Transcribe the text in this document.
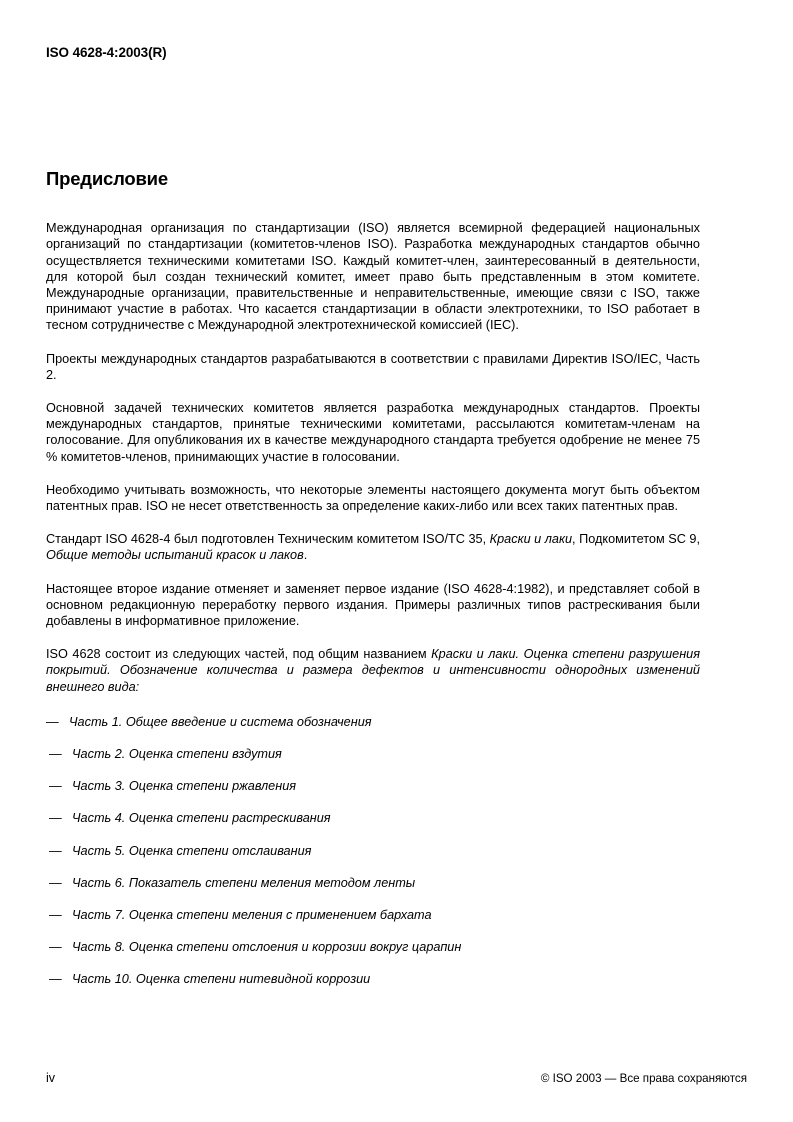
ISO 4628-4:2003(R)
Предисловие

Международная организация по стандартизации (ISO) является всемирной федерацией национальных организаций по стандартизации (комитетов-членов ISO). Разработка международных стандартов обычно осуществляется техническими комитетами ISO. Каждый комитет-член, заинтересованный в деятельности, для которой был создан технический комитет, имеет право быть представленным в этом комитете. Международные организации, правительственные и неправительственные, имеющие связи с ISO, также принимают участие в работах. Что касается стандартизации в области электротехники, то ISO работает в тесном сотрудничестве с Международной электротехнической комиссией (IEC).

Проекты международных стандартов разрабатываются в соответствии с правилами Директив ISO/IEC, Часть 2.

Основной задачей технических комитетов является разработка международных стандартов. Проекты международных стандартов, принятые техническими комитетами, рассылаются комитетам-членам на голосование. Для опубликования их в качестве международного стандарта требуется одобрение не менее 75 % комитетов-членов, принимающих участие в голосовании.

Необходимо учитывать возможность, что некоторые элементы настоящего документа могут быть объектом патентных прав. ISO не несет ответственность за определение каких-либо или всех таких патентных прав.

Стандарт ISO 4628-4 был подготовлен Техническим комитетом ISO/TC 35, Краски и лаки, Подкомитетом SC 9, Общие методы испытаний красок и лаков.

Настоящее второе издание отменяет и заменяет первое издание (ISO 4628-4:1982), и представляет собой в основном редакционную переработку первого издания. Примеры различных типов растрескивания были добавлены в информативное приложение.

ISO 4628 состоит из следующих частей, под общим названием Краски и лаки. Оценка степени разрушения покрытий. Обозначение количества и размера дефектов и интенсивности однородных изменений внешнего вида:

— Часть 1. Общее введение и система обозначения
— Часть 2. Оценка степени вздутия
— Часть 3. Оценка степени ржавления
— Часть 4. Оценка степени растрескивания
— Часть 5. Оценка степени отслаивания
— Часть 6. Показатель степени меления методом ленты
— Часть 7. Оценка степени меления с применением бархата
— Часть 8. Оценка степени отслоения и коррозии вокруг царапин
— Часть 10. Оценка степени нитевидной коррозии
iv	© ISO 2003 — Все права сохраняются
